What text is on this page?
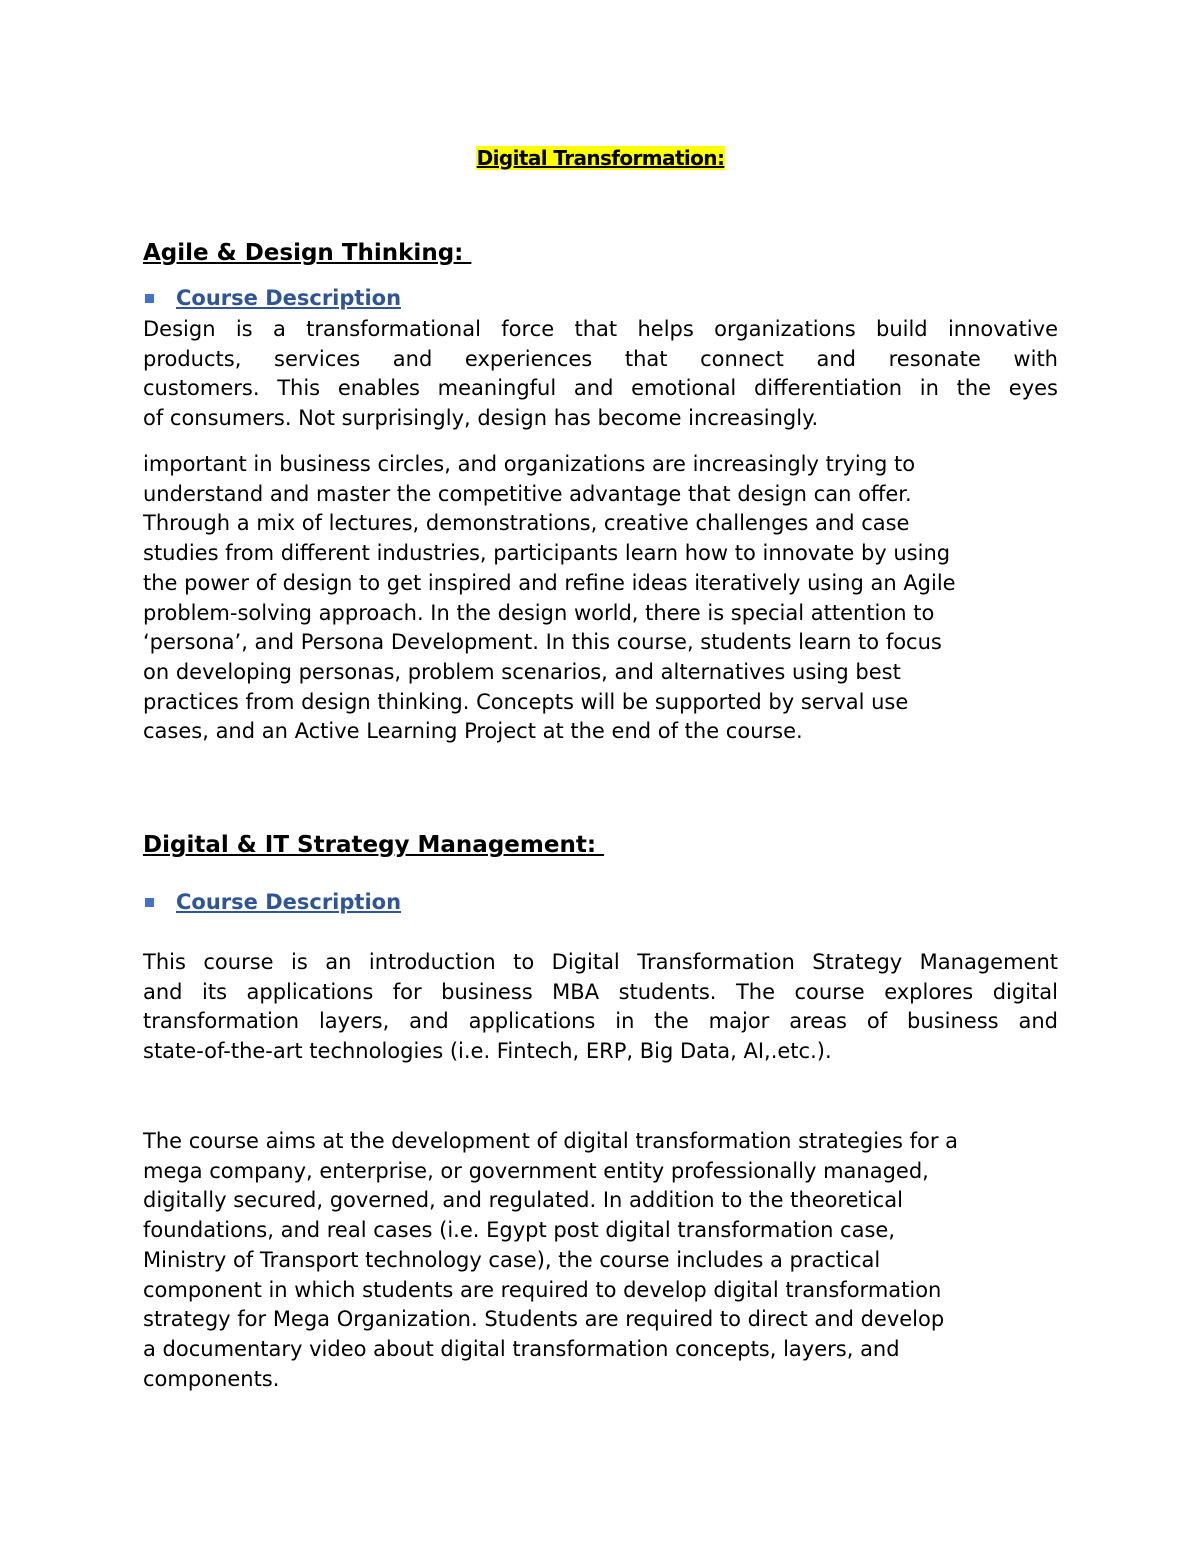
Digital Transformation:
Agile & Design Thinking:
Course Description
Design is a transformational force that helps organizations build innovative
products, services and experiences that connect and resonate with
customers. This enables meaningful and emotional differentiation in the eyes
of consumers. Not surprisingly, design has become increasingly.
important in business circles, and organizations are increasingly trying to
understand and master the competitive advantage that design can offer.
Through a mix of lectures, demonstrations, creative challenges and case
studies from different industries, participants learn how to innovate by using
the power of design to get inspired and refine ideas iteratively using an Agile
problem-solving approach. In the design world, there is special attention to
‘persona’, and Persona Development. In this course, students learn to focus
on developing personas, problem scenarios, and alternatives using best
practices from design thinking. Concepts will be supported by serval use
cases, and an Active Learning Project at the end of the course.
Digital & IT Strategy Management:
Course Description
This course is an introduction to Digital Transformation Strategy Management
and its applications for business MBA students. The course explores digital
transformation layers, and applications in the major areas of business and
state-of-the-art technologies (i.e. Fintech, ERP, Big Data, AI,.etc.).
The course aims at the development of digital transformation strategies for a
mega company, enterprise, or government entity professionally managed,
digitally secured, governed, and regulated. In addition to the theoretical
foundations, and real cases (i.e. Egypt post digital transformation case,
Ministry of Transport technology case), the course includes a practical
component in which students are required to develop digital transformation
strategy for Mega Organization. Students are required to direct and develop
a documentary video about digital transformation concepts, layers, and
components.
